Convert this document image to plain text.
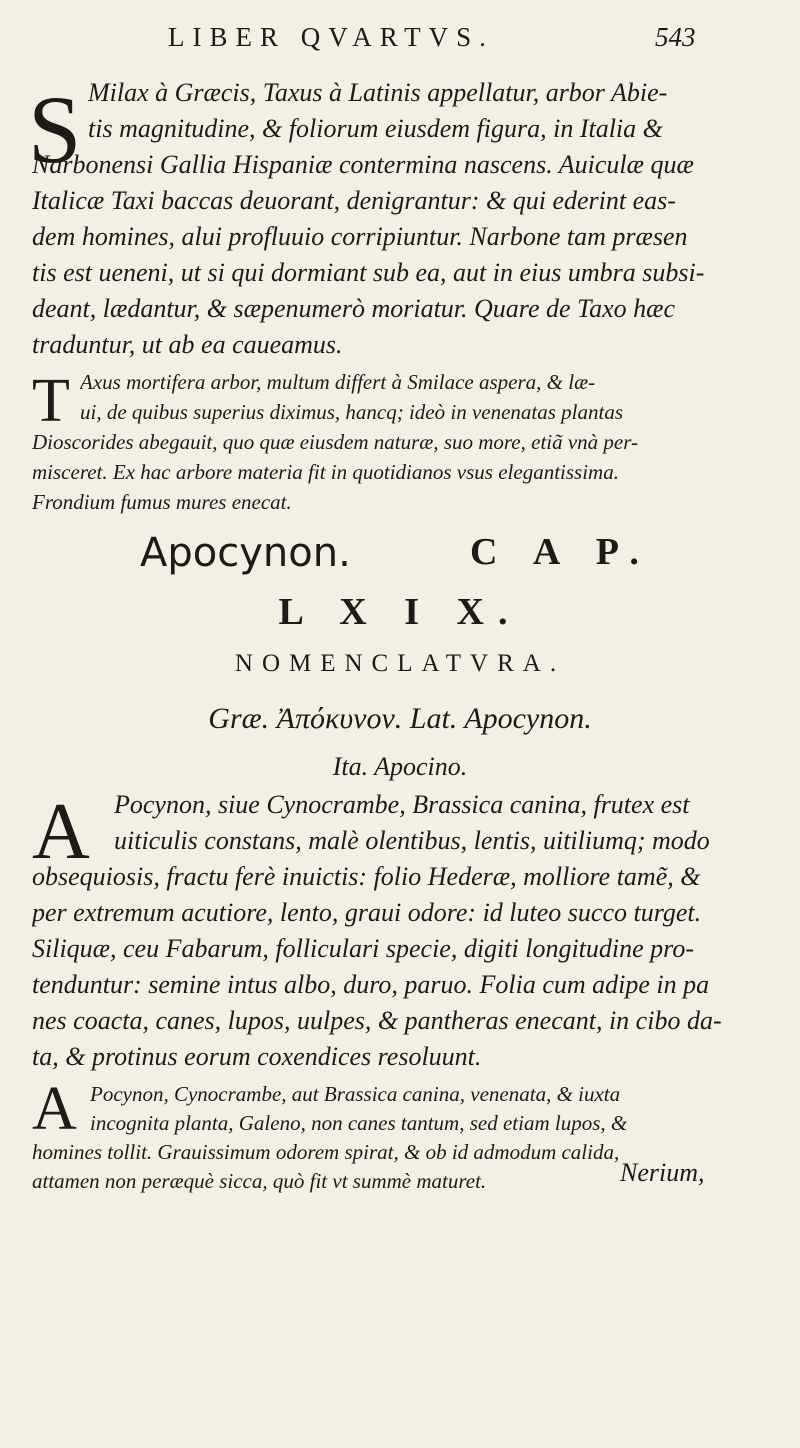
LIBER QVARTVS.	543
S Milax à Græcis, Taxus à Latinis appellatur, arbor Abie-
tis magnitudine, & foliorum eiusdem figura, in Italia &
Narbonensi Gallia Hispaniæ contermina nascens. Auiculæ quæ
Italicæ Taxi baccas deuorant, denigrantur: & qui ederint eas-
dem homines, alui profluuio corripiuntur. Narbone tam præsen
tis est ueneni, ut si qui dormiant sub ea, aut in eius umbra subsi-
deant, lædantur, & sæpenumerò moriatur. Quare de Taxo hæc
traduntur, ut ab ea caueamus.
T Axus mortifera arbor, multum differt à Smilace aspera, & læ-
ui, de quibus superius diximus, hancq; ideò in venenatas plantas
Dioscorides abegauit, quo quæ eiusdem naturæ, suo more, etiã vnà per-
misceret. Ex hac arbore materia fit in quotidianos vsus elegantissima.
Frondium fumus mures enecat.
Apocynon.	C A P.
L X I X.
NOMENCLATVRA.
Græ. Ἀπόκυνον. Lat. Apocynon.
Ita. Apocino.
A Pocynon, siue Cynocrambe, Brassica canina, frutex est
uiticulis constans, malè olentibus, lentis, uitiliumq; modo
obsequiosis, fractu ferè inuictis: folio Hederæ, molliore tamẽ, &
per extremum acutiore, lento, graui odore: id luteo succo turget.
Siliquæ, ceu Fabarum, folliculari specie, digiti longitudine pro-
tenduntur: semine intus albo, duro, paruo. Folia cum adipe in pa
nes coacta, canes, lupos, uulpes, & pantheras enecant, in cibo da-
ta, & protinus eorum coxendices resoluunt.
A Pocynon, Cynocrambe, aut Brassica canina, venenata, & iuxta
incognita planta, Galeno, non canes tantum, sed etiam lupos, &
homines tollit. Grauissimum odorem spirat, & ob id admodum calida,
attamen non peræquè sicca, quò fit vt summè maturet.	Nerium,
